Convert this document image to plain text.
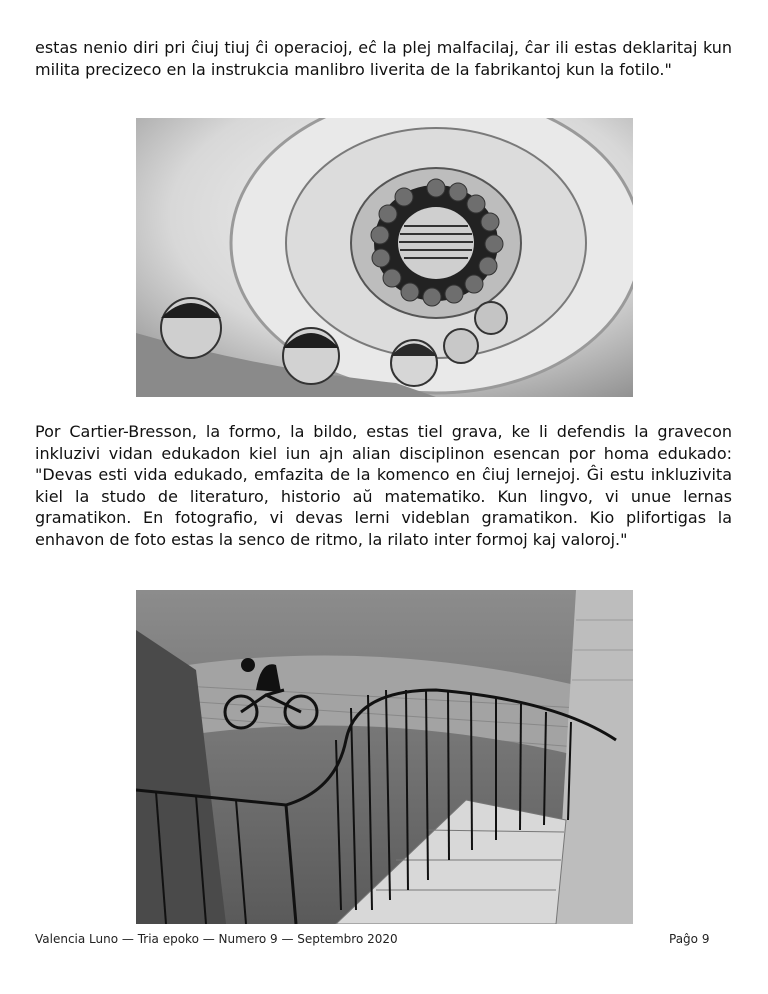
estas nenio diri pri ĉiuj tiuj ĉi operacioj, eĉ la plej malfacilaj, ĉar ili estas deklaritaj kun milita precizeco en la instrukcia manlibro liverita de la fabrikantoj kun la fotilo."

Por Cartier-Bresson, la formo, la bildo, estas tiel grava, ke li defendis la gravecon inkluzivi vidan edukadon kiel iun ajn alian disciplinon esencan por homa edukado: "Devas esti vida edukado, emfazita de la komenco en ĉiuj lernejoj. Ĝi estu inkluzivita kiel la studo de literaturo, historio aŭ matematiko. Kun lingvo, vi unue lernas gramatikon. En fotografio, vi devas lerni videblan gramatikon. Kio plifortigas la enhavon de foto estas la senco de ritmo, la rilato inter formoj kaj valoroj."

Valencia Luno — Tria epoko — Numero 9 — Septembro 2020	Paĝo 9
